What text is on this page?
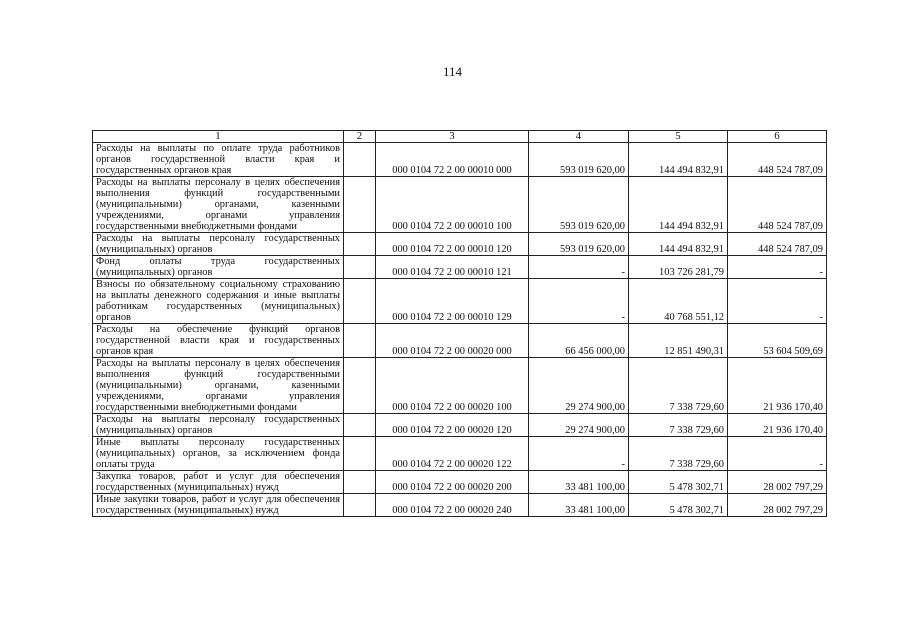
114
1	2	3	4	5	6
Расходы на выплаты по оплате труда работников органов государственной власти края и государственных органов края		000 0104 72 2 00 00010 000	593 019 620,00	144 494 832,91	448 524 787,09
Расходы на выплаты персоналу в целях обеспечения выполнения функций государственными (муниципальными) органами, казенными учреждениями, органами управления государственными внебюджетными фондами		000 0104 72 2 00 00010 100	593 019 620,00	144 494 832,91	448 524 787,09
Расходы на выплаты персоналу государственных (муниципальных) органов		000 0104 72 2 00 00010 120	593 019 620,00	144 494 832,91	448 524 787,09
Фонд оплаты труда государственных (муниципальных) органов		000 0104 72 2 00 00010 121	-	103 726 281,79	-
Взносы по обязательному социальному страхованию на выплаты денежного содержания и иные выплаты работникам государственных (муниципальных) органов		000 0104 72 2 00 00010 129	-	40 768 551,12	-
Расходы на обеспечение функций органов государственной власти края и государственных органов края		000 0104 72 2 00 00020 000	66 456 000,00	12 851 490,31	53 604 509,69
Расходы на выплаты персоналу в целях обеспечения выполнения функций государственными (муниципальными) органами, казенными учреждениями, органами управления государственными внебюджетными фондами		000 0104 72 2 00 00020 100	29 274 900,00	7 338 729,60	21 936 170,40
Расходы на выплаты персоналу государственных (муниципальных) органов		000 0104 72 2 00 00020 120	29 274 900,00	7 338 729,60	21 936 170,40
Иные выплаты персоналу государственных (муниципальных) органов, за исключением фонда оплаты труда		000 0104 72 2 00 00020 122	-	7 338 729,60	-
Закупка товаров, работ и услуг для обеспечения государственных (муниципальных) нужд		000 0104 72 2 00 00020 200	33 481 100,00	5 478 302,71	28 002 797,29
Иные закупки товаров, работ и услуг для обеспечения государственных (муниципальных) нужд		000 0104 72 2 00 00020 240	33 481 100,00	5 478 302,71	28 002 797,29
